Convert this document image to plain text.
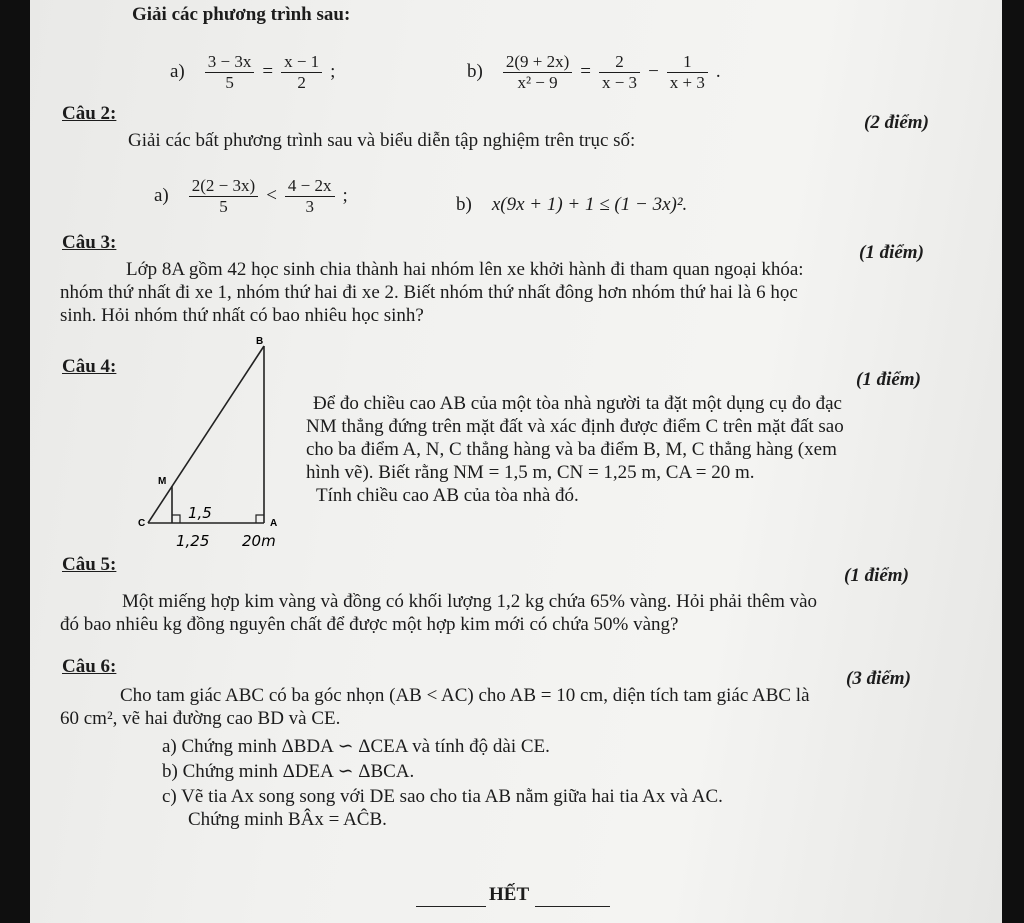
Giải các phương trình sau:
$a) \frac{3 - 3x}{5} = \frac{x - 1}{2}$ ;	$b) \frac{2(9 + 2x)}{\text{x² − 9}} = \frac{2}{x - 3} - \frac{1}{x + 3}$ .
Câu 2:	(2 điểm)
Giải các bất phương trình sau và biểu diễn tập nghiệm trên trục số:
$a) \frac{2(2 - 3x)}{5} < \frac{4 - 2x}{3}$ ;	b) x(9x + 1) + 1 ≤ (1 − 3x)².
Câu 3:	(1 điểm)
Lớp 8A gồm 42 học sinh chia thành hai nhóm lên xe khởi hành đi tham quan ngoại khóa:
nhóm thứ nhất đi xe 1, nhóm thứ hai đi xe 2. Biết nhóm thứ nhất đông hơn nhóm thứ hai là 6 học
sinh. Hỏi nhóm thứ nhất có bao nhiêu học sinh?
Câu 4:
(1 điểm)
B
M
C	A
1,5
1,25 20m
Để đo chiều cao AB của một tòa nhà người ta đặt một dụng cụ đo đạc
NM thẳng đứng trên mặt đất và xác định được điểm C trên mặt đất sao
cho ba điểm A, N, C thẳng hàng và ba điểm B, M, C thẳng hàng (xem
hình vẽ). Biết rằng NM = 1,5 m, CN = 1,25 m, CA = 20 m.
Tính chiều cao AB của tòa nhà đó.
Câu 5:
(1 điểm)
Một miếng hợp kim vàng và đồng có khối lượng 1,2 kg chứa 65% vàng. Hỏi phải thêm vào
đó bao nhiêu kg đồng nguyên chất để được một hợp kim mới có chứa 50% vàng?
Câu 6:
(3 điểm)
Cho tam giác ABC có ba góc nhọn (AB < AC) cho AB = 10 cm, diện tích tam giác ABC là
60 cm², vẽ hai đường cao BD và CE.
a) Chứng minh ΔBDA ∽ ΔCEA và tính độ dài CE.
b) Chứng minh ΔDEA ∽ ΔBCA.
c) Vẽ tia Ax song song với DE sao cho tia AB nằm giữa hai tia Ax và AC.
Chứng minh BÂx = AĈB.
HẾT
